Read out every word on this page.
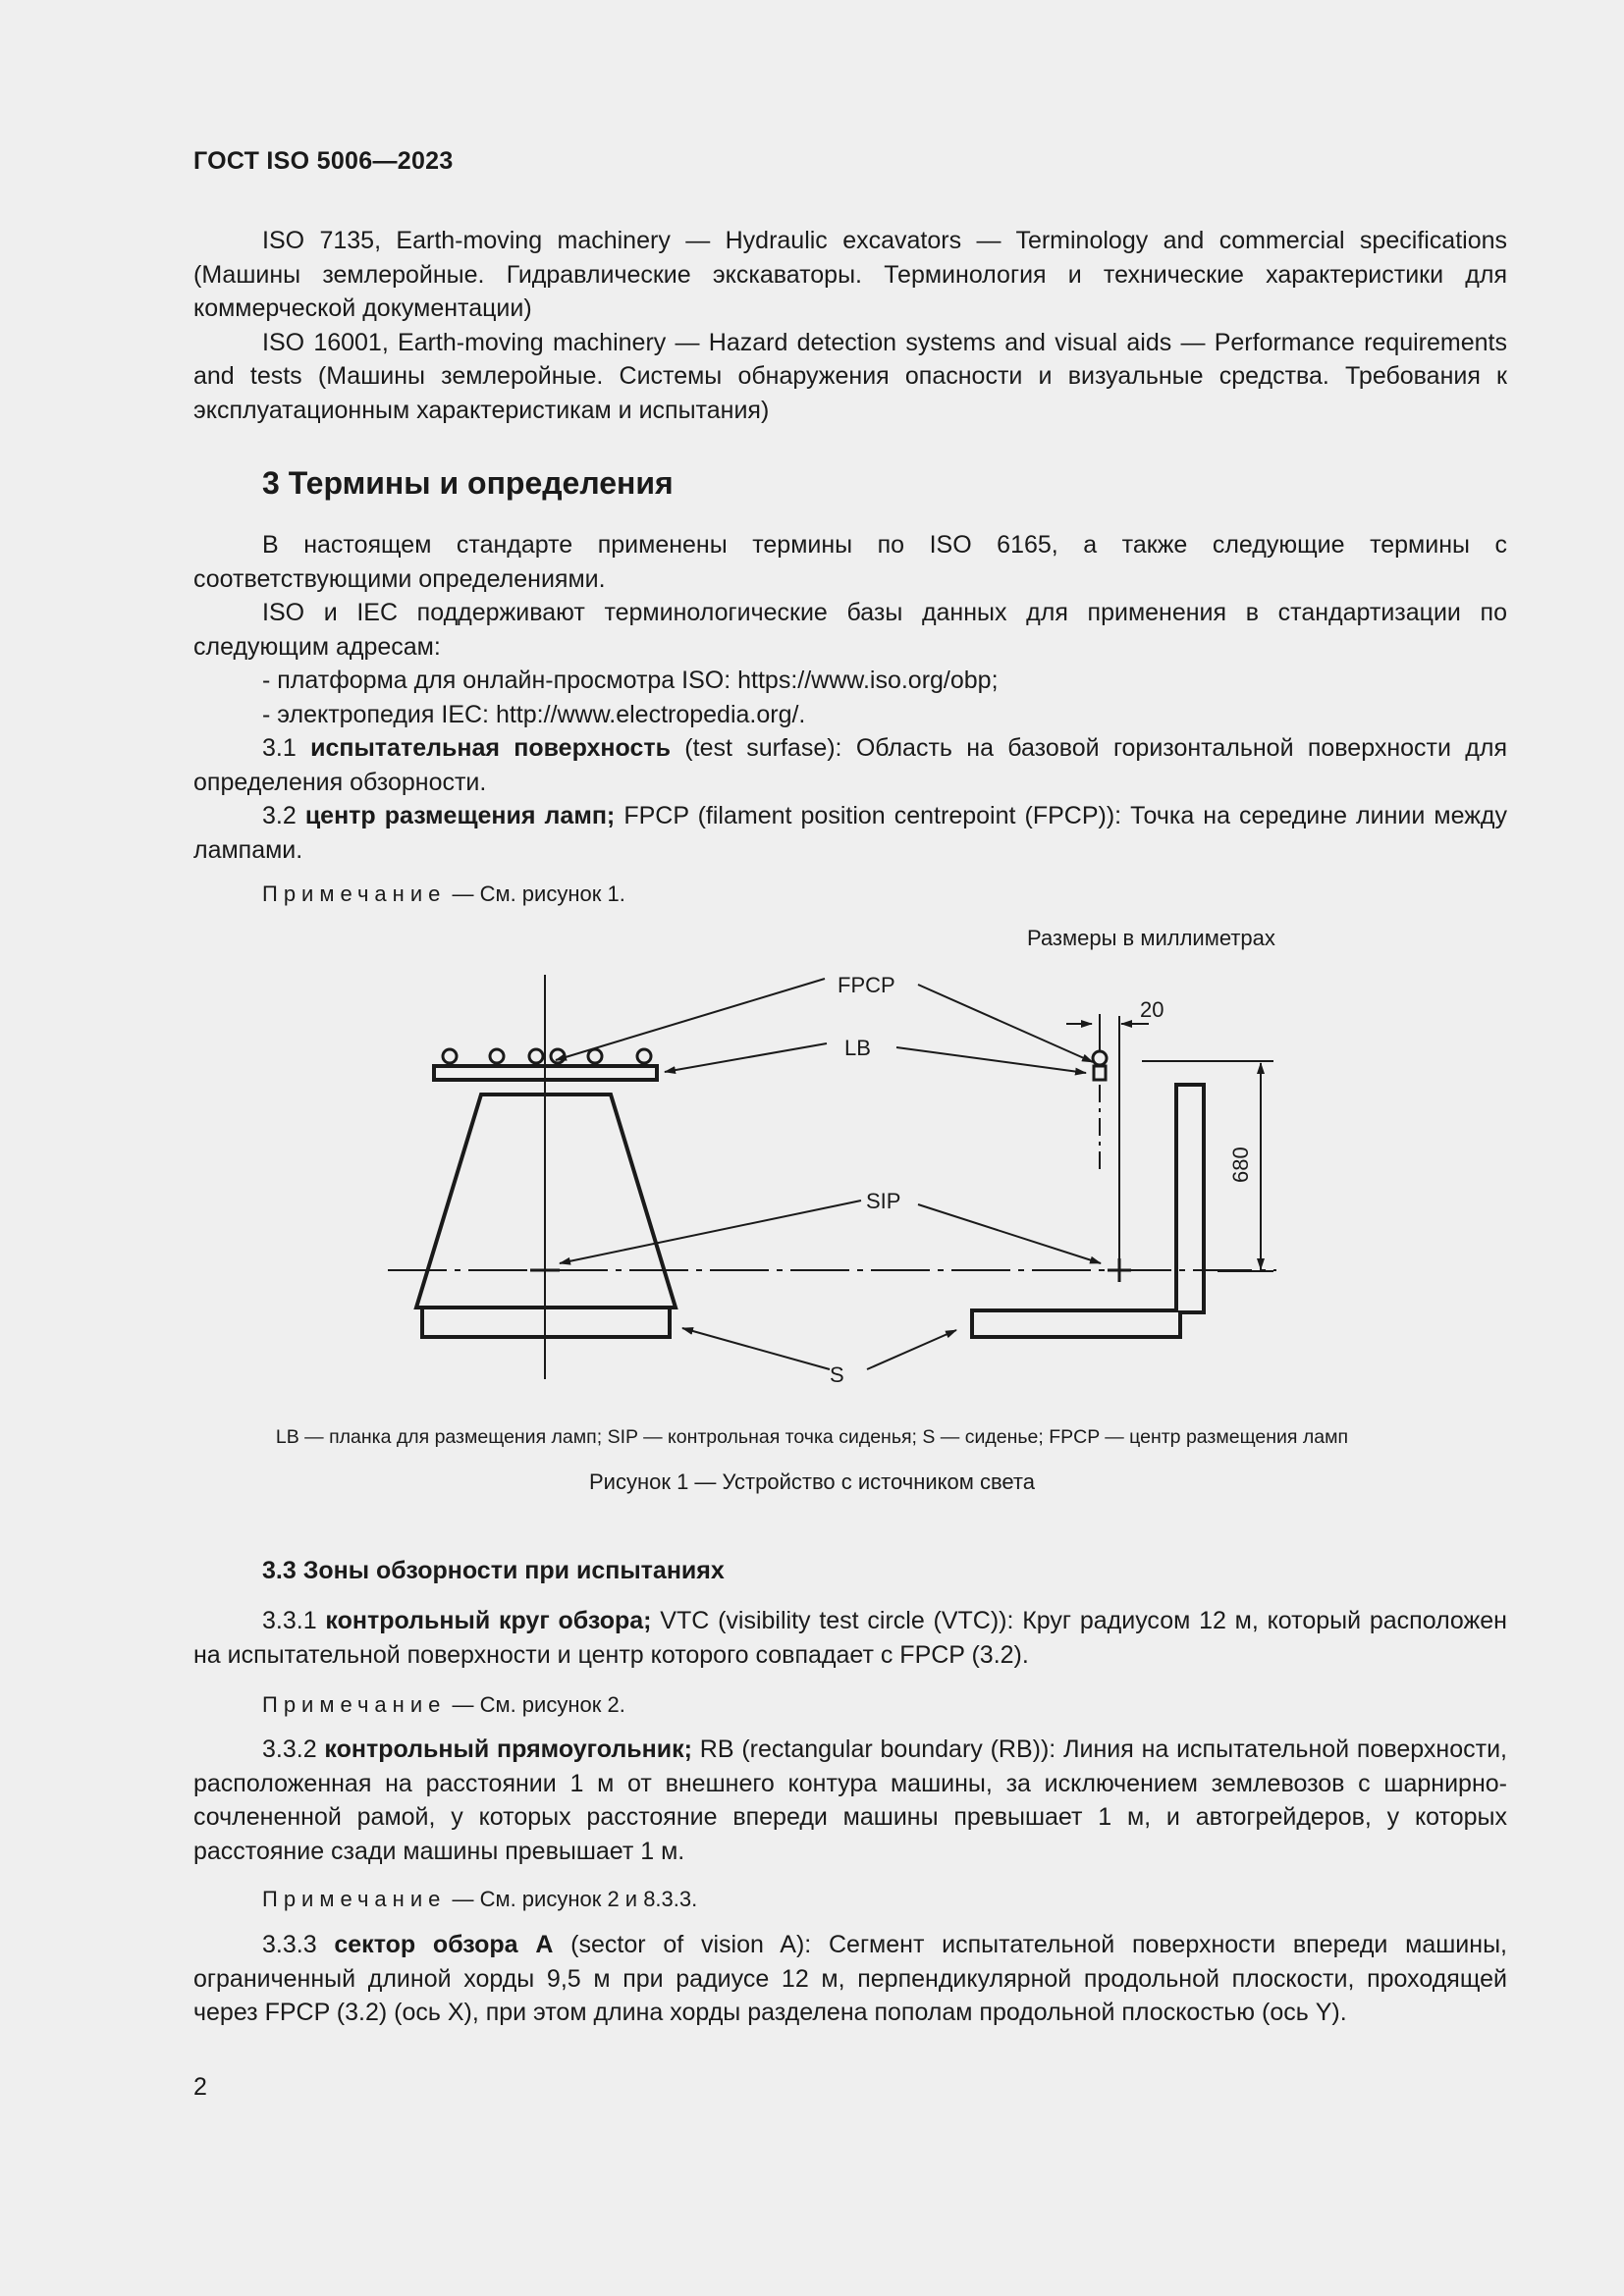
ГОСТ ISO 5006—2023

ISO 7135, Earth-moving machinery — Hydraulic excavators — Terminology and commercial specifications (Машины землеройные. Гидравлические экскаваторы. Терминология и технические характеристики для коммерческой документации)

ISO 16001, Earth-moving machinery — Hazard detection systems and visual aids — Performance requirements and tests (Машины землеройные. Системы обнаружения опасности и визуальные средства. Требования к эксплуатационным характеристикам и испытания)

3 Термины и определения

В настоящем стандарте применены термины по ISO 6165, а также следующие термины с соответствующими определениями.

ISO и IEC поддерживают терминологические базы данных для применения в стандартизации по следующим адресам:

- платформа для онлайн-просмотра ISO: https://www.iso.org/obp;

- электропедия IEC: http://www.electropedia.org/.

3.1 испытательная поверхность (test surfase): Область на базовой горизонтальной поверхности для определения обзорности.

3.2 центр размещения ламп; FPCP (filament position centrepoint (FPCP)): Точка на середине линии между лампами.

Примечание — См. рисунок 1.
Размеры в миллиметрах
FPCP
LB
SIP
S
20
680
LB — планка для размещения ламп; SIP — контрольная точка сиденья; S — сиденье; FPCP — центр размещения ламп
Рисунок 1 — Устройство с источником света
3.3 Зоны обзорности при испытаниях

3.3.1 контрольный круг обзора; VTC (visibility test circle (VTC)): Круг радиусом 12 м, который расположен на испытательной поверхности и центр которого совпадает с FPCP (3.2).

Примечание — См. рисунок 2.

3.3.2 контрольный прямоугольник; RB (rectangular boundary (RB)): Линия на испытательной поверхности, расположенная на расстоянии 1 м от внешнего контура машины, за исключением землевозов с шарнирно-сочлененной рамой, у которых расстояние впереди машины превышает 1 м, и автогрейдеров, у которых расстояние сзади машины превышает 1 м.

Примечание — См. рисунок 2 и 8.3.3.

3.3.3 сектор обзора A (sector of vision A): Сегмент испытательной поверхности впереди машины, ограниченный длиной хорды 9,5 м при радиусе 12 м, перпендикулярной продольной плоскости, проходящей через FPCP (3.2) (ось X), при этом длина хорды разделена пополам продольной плоскостью (ось Y).

2
